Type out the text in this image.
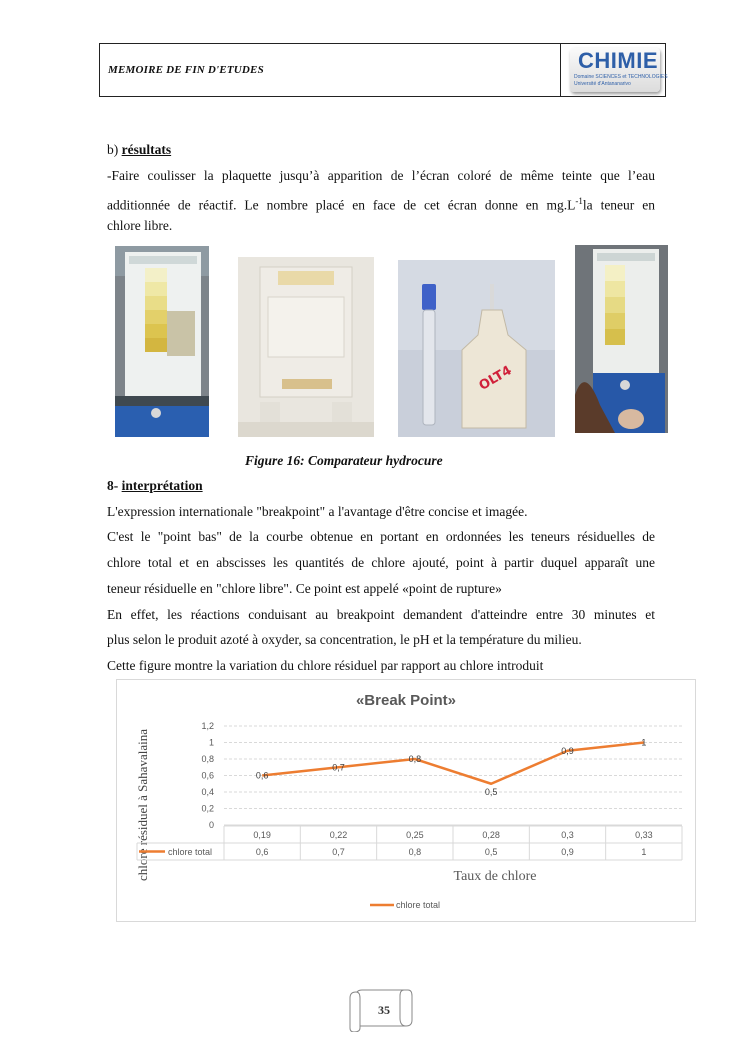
MEMOIRE DE FIN D'ETUDES	CHIMIE
Domaine SCIENCES et TECHNOLOGIES
Université d'Antananarivo
b) résultats
-Faire coulisser la plaquette jusqu’à apparition de l’écran coloré de même teinte que l’eau
additionnée de réactif. Le nombre placé en face de cet écran donne en $mg.L^{-1}la$ teneur en
chlore libre.
OLT4
Figure 16: Comparateur hydrocure
8- interprétation
L'expression internationale "breakpoint" a l'avantage d'être concise et imagée.
C'est le "point bas" de la courbe obtenue en portant en ordonnées les teneurs résiduelles de
chlore total et en abscisses les quantités de chlore ajouté, point à partir duquel apparaît une
teneur résiduelle en "chlore libre". Ce point est appelé «point de rupture»
En effet, les réactions conduisant au breakpoint demandent d'atteindre entre 30 minutes et
plus selon le produit azoté à oxyder, sa concentration, le pH et la température du milieu.
Cette figure montre la variation du chlore résiduel par rapport au chlore introduit
«Break Point»
chlore résiduel à Sahavalaina	Taux de chlore
0
0,2
0,4
0,6
0,8
1
1,2
0,19	0,22	0,25	0,28	0,3	0,33
chlore total	0,6	0,7	0,8	0,5	0,9	1
0,6
0,7
0,8
0,5
0,9
1
chlore total
35
